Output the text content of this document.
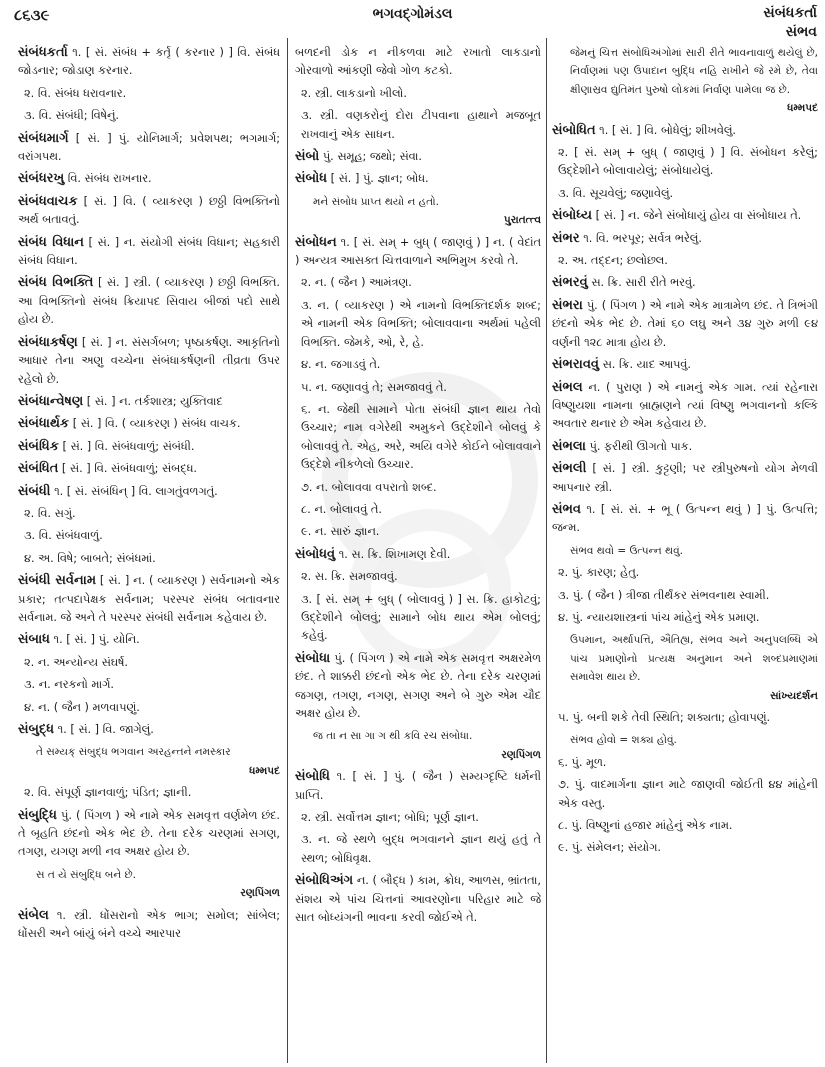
૮૬૩૯	ભગવદ્ગોમંડલ	સંબંધકર્તા
સંભવ
સંબંધકર્તા ૧. [ સં. સંબંધ + કર્તૃ ( કરનાર ) ] વિ. સંબંધ જોડનાર; જોડાણ કરનાર.
૨. વિ. સંબંધ ધરાવનાર.
૩. વિ. સંબંધી; વિષેનું.
સંબંધમાર્ગ [ સં. ] પું. યોનિમાર્ગ; પ્રવેશપથ; ભગમાર્ગ; વરાંગપથ.
સંબંધરખુ વિ. સંબંધ રાખનાર.
સંબંધવાચક [ સં. ] વિ. ( વ્યાકરણ ) છઠ્ઠી વિભક્તિનો અર્થ બતાવતું.
સંબંધ વિધાન [ સં. ] ન. સંયોગી સંબંધ વિધાન; સહકારી સંબંધ વિધાન.
સંબંધ વિભક્તિ [ સં. ] સ્ત્રી. ( વ્યાકરણ ) છઠ્ઠી વિભક્તિ. આ વિભક્તિનો સંબંધ ક્રિયાપદ સિવાય બીજાં પદો સાથે હોય છે.
સંબંધાકર્ષણ [ સં. ] ન. સંસર્ગબળ; પૃષ્ઠાકર્ષણ. આકૃતિનો આધાર તેના અણુ વચ્ચેના સંબંધાકર્ષણની તીવ્રતા ઉપર રહેલો છે.
સંબંધાન્વેષણ [ સં. ] ન. તર્કશાસ્ત્ર; યુક્તિવાદ
સંબંધાર્થક [ સં. ] વિ. ( વ્યાકરણ ) સંબંધ વાચક.
સંબંધિક [ સં. ] વિ. સંબંધવાળું; સંબંધી.
સંબંધિત [ સં. ] વિ. સંબંધવાળું; સંબદ્ધ.
સંબંધી ૧. [ સં. સંબંધિન્ ] વિ. લાગતુંવળગતું.
૨. વિ. સગું.
૩. વિ. સંબંધવાળું.
૪. અ. વિષે; બાબતે; સંબંધમાં.
સંબંધી સર્વનામ [ સં. ] ન. ( વ્યાકરણ ) સર્વનામનો એક પ્રકાર; તત્પદાપેક્ષક સર્વનામ; પરસ્પર સંબંધ બતાવનાર સર્વનામ. જે અને તે પરસ્પર સંબંધી સર્વનામ કહેવાય છે.
સંબાધ ૧. [ સં. ] પું. યોનિ.
૨. ન. અન્યોન્ય સંઘર્ષ.
૩. ન. નરકનો માર્ગ.
૪. ન. ( જૈન ) મળવાપણું.
સંબુદ્ધ ૧. [ સં. ] વિ. જાગેલું.
તે સમ્યક્ સંબુદ્ધ ભગવાન અરહન્તને નમસ્કાર
ધમ્મપદ
૨. વિ. સંપૂર્ણ જ્ઞાનવાળું; પંડિત; જ્ઞાની.
સંબુદ્ધિ પું. ( પિંગળ ) એ નામે એક સમવૃત્ત વર્ણમેળ છંદ. તે બૃહતિ છંદનો એક ભેદ છે. તેના દરેક ચરણમાં સગણ, તગણ, યગણ મળી નવ અક્ષર હોય છે.
સ ત યે સંબુદ્ધિ બને છે.
રણપિંગળ
સંબેલ ૧. સ્ત્રી. ધોંસરાનો એક ભાગ; સમોલ; સાંબેલ; ધોંસરી અને બાંયું બંને વચ્ચે આરપાર
બળદની ડોક ન નીકળવા માટે રખાતો લાકડાનો ગોરવાળો આંકણી જેવો ગોળ કટકો.
૨. સ્ત્રી. લાકડાનો ખીલો.
૩. સ્ત્રી. વણકરોનું દોરા ટીપવાના હાથાને મજબૂત રાખવાનું એક સાધન.
સંબો પું. સમૂહ; જથો; સંવા.
સંબોધ [ સં. ] પું. જ્ઞાન; બોધ.
મને સંબોધ પ્રાપ્ત થયો ન હતો.
પુરાતત્ત્વ
સંબોધન ૧. [ સં. સમ્ + બુધ્ ( જાણવું ) ] ન. ( વેદાંત ) અન્યત્ર આસક્ત ચિત્તવાળાને અભિમુખ કરવો તે.
૨. ન. ( જૈન ) આમંત્રણ.
૩. ન. ( વ્યાકરણ ) એ નામનો વિભક્તિદર્શક શબ્દ; એ નામની એક વિભક્તિ; બોલાવવાના અર્થમાં પહેલી વિભક્તિ. જેમકે, ઓ, રે, હે.
૪. ન. જગાડવું તે.
૫. ન. જણાવવું તે; સમજાવવું તે.
૬. ન. જેથી સામાને પોતા સંબંધી જ્ઞાન થાય તેવો ઉચ્ચાર; નામ વગેરેથી અમુકને ઉદ્દેશીને બોલવું કે બોલાવવું તે. એહ, અરે, અયિ વગેરે કોઈને બોલાવવાને ઉદ્દેશે નીકળેલો ઉચ્ચાર.
૭. ન. બોલાવવા વપરાતો શબ્દ.
૮. ન. બોલાવવું તે.
૯. ન. સારું જ્ઞાન.
સંબોધવું ૧. સ. ક્રિ. શિખામણ દેવી.
૨. સ. ક્રિ. સમજાવવું.
૩. [ સં. સમ્ + બુધ્ ( બોલાવવું ) ] સ. ક્રિ. હાકોટવું; ઉદ્દેશીને બોલવું; સામાને બોધ થાય એમ બોલવું; કહેવું.
સંબોધા પું. ( પિંગળ ) એ નામે એક સમવૃત્ત અક્ષરમેળ છંદ. તે શાક્કરી છંદનો એક ભેદ છે. તેના દરેક ચરણમાં જગણ, તગણ, નગણ, સગણ અને બે ગુરુ એમ ચૌદ અક્ષર હોય છે.
જ તા ન સા ગા ગ થી કવિ રચ સંબોધા.
રણપિંગળ
સંબોધિ ૧. [ સં. ] પું. ( જૈન ) સમ્યગ્દૃષ્ટિ ધર્મની પ્રાપ્તિ.
૨. સ્ત્રી. સર્વોત્તમ જ્ઞાન; બોધિ; પૂર્ણ જ્ઞાન.
૩. ન. જે સ્થળે બુદ્ધ ભગવાનને જ્ઞાન થયું હતું તે સ્થળ; બોધિવૃક્ષ.
સંબોધિઅંગ ન. ( બૌદ્ધ ) કામ, ક્રોધ, આળસ, ભ્રાંતતા, સંશય એ પાંચ ચિત્તનાં આવરણોના પરિહાર માટે જે સાત બોધ્યંગની ભાવના કરવી જોઈએ તે.
જેમનું ચિત્ત સંબોધિઅંગોમાં સારી રીતે ભાવનાવાળું થયેલું છે, નિર્વાણમાં પણ ઉપાદાન બુદ્ધિ નહિ રાખીને જે રમે છે, તેવા ક્ષીણાસ્રવ દ્યુતિમંત પુરુષો લોકમાં નિર્વાણ પામેલા જ છે.
ધમ્મપદ
સંબોધિત ૧. [ સં. ] વિ. બોધેલું; શીખવેલું.
૨. [ સં. સમ્ + બુધ્ ( જાણવું ) ] વિ. સંબોધન કરેલું; ઉદ્દેશીને બોલાવાયેલું; સંબોધાયેલું.
૩. વિ. સૂચવેલું; જણાવેલું.
સંબોધ્ય [ સં. ] ન. જેને સંબોધાયું હોય વા સંબોધાય તે.
સંભર ૧. વિ. ભરપૂર; સર્વત્ર ભરેલું.
૨. અ. તદ્દન; છલોછલ.
સંભરવું સ. ક્રિ. સારી રીતે ભરવું.
સંભરા પું. ( પિંગળ ) એ નામે એક માત્રામેળ છંદ. તે ત્રિભંગી છંદનો એક ભેદ છે. તેમાં ૬૦ લઘુ અને ૩૪ ગુરુ મળી ૯૪ વર્ણની ૧૨૮ માત્રા હોય છે.
સંભરાવવું સ. ક્રિ. યાદ આપવું.
સંભલ ન. ( પુરાણ ) એ નામનું એક ગામ. ત્યાં રહેનારા વિષ્ણુયશા નામના બ્રાહ્મણને ત્યાં વિષ્ણુ ભગવાનનો કલ્કિ અવતાર થનાર છે એમ કહેવાય છે.
સંભલા પું. ફરીથી ઊગતો પાક.
સંભલી [ સં. ] સ્ત્રી. કુટ્ટણી; પર સ્ત્રીપુરુષનો યોગ મેળવી આપનાર સ્ત્રી.
સંભવ ૧. [ સં. સં. + ભૂ ( ઉત્પન્ન થવું ) ] પું. ઉત્પત્તિ; જન્મ.
સંભવ થવો = ઉત્પન્ન થવું.
૨. પું. કારણ; હેતુ.
૩. પું. ( જૈન ) ત્રીજા તીર્થંકર સંભવનાથ સ્વામી.
૪. પું. ન્યાયશાસ્ત્રનાં પાંચ માંહેનું એક પ્રમાણ.
ઉપમાન, અર્થાપત્તિ, ઐતિહ્ય, સંભવ અને અનુપલબ્ધિ એ પાંચ પ્રમાણોનો પ્રત્યક્ષ અનુમાન અને શબ્દપ્રમાણમાં સમાવેશ થાય છે.
સાંખ્યદર્શન
૫. પું. બની શકે તેવી સ્થિતિ; શક્યતા; હોવાપણું.
સંભવ હોવો = શક્ય હોવું.
૬. પું. મૂળ.
૭. પું. વાદમાર્ગના જ્ઞાન માટે જાણવી જોઈતી ૪૪ માંહેની એક વસ્તુ.
૮. પું. વિષ્ણુનાં હજાર માંહેનું એક નામ.
૯. પું. સંમેલન; સંયોગ.
